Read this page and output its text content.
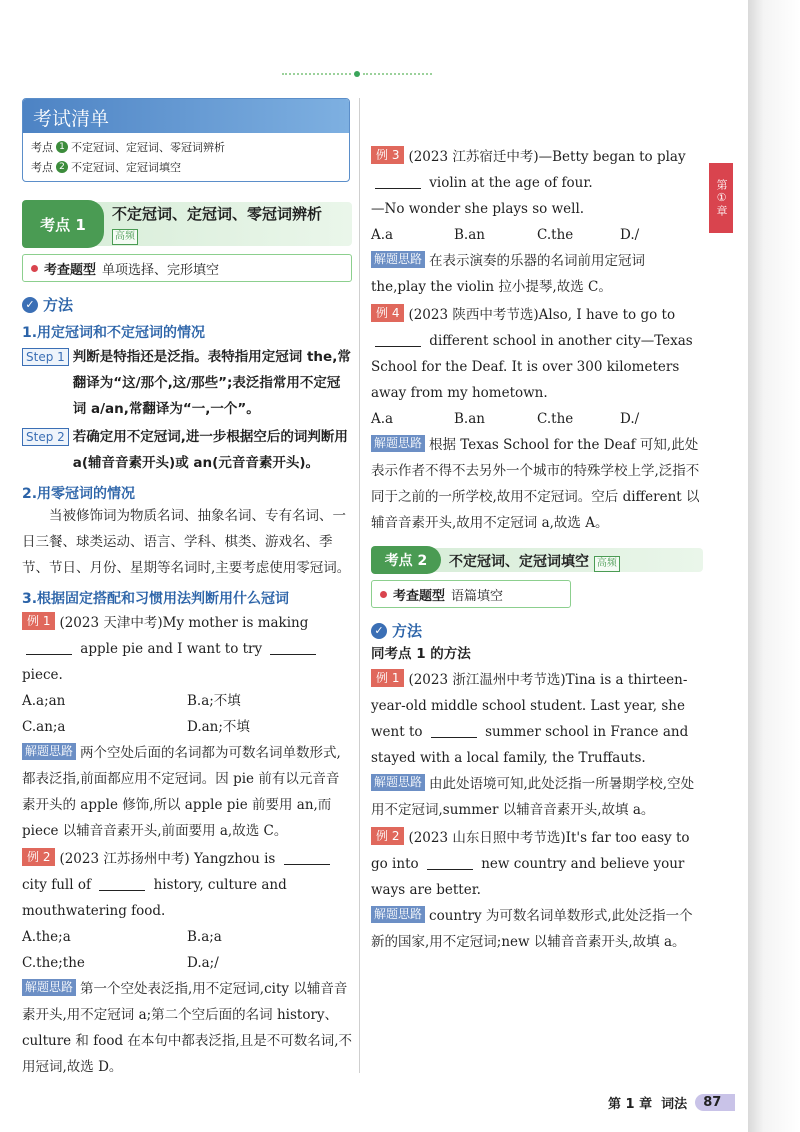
第①章
考试清单
考点 1 不定冠词、定冠词、零冠词辨析
考点 2 不定冠词、定冠词填空
考点 1
不定冠词、定冠词、零冠词辨析 高频
考查题型 单项选择、完形填空
✓ 方法
1.用定冠词和不定冠词的情况
Step 1 判断是特指还是泛指。表特指用定冠词 the,常翻译为“这/那个,这/那些”;表泛指常用不定冠词 a/an,常翻译为“一,一个”。
Step 2 若确定用不定冠词,进一步根据空后的词判断用 a(辅音音素开头)或 an(元音音素开头)。
2.用零冠词的情况
当被修饰词为物质名词、抽象名词、专有名词、一日三餐、球类运动、语言、学科、棋类、游戏名、季节、节日、月份、星期等名词时,主要考虑使用零冠词。
3.根据固定搭配和习惯用法判断用什么冠词
例 1 (2023 天津中考)My mother is making  apple pie and I want to try  piece.
A.a;an	B.a;不填
C.an;a	D.an;不填
解题思路 两个空处后面的名词都为可数名词单数形式,都表泛指,前面都应用不定冠词。因 pie 前有以元音音素开头的 apple 修饰,所以 apple pie 前要用 an,而 piece 以辅音音素开头,前面要用 a,故选 C。
例 2 (2023 江苏扬州中考) Yangzhou is  city full of	history, culture and mouthwatering food.
A.the;a	B.a;a
C.the;the	D.a;/
解题思路 第一个空处表泛指,用不定冠词,city 以辅音音素开头,用不定冠词 a;第二个空后面的名词 history、culture 和 food 在本句中都表泛指,且是不可数名词,不用冠词,故选 D。
例 3 (2023 江苏宿迁中考)—Betty began to play  violin at the age of four.
—No wonder she plays so well.
A.a	B.an	C.the	D./
解题思路 在表示演奏的乐器的名词前用定冠词 the,play the violin 拉小提琴,故选 C。
例 4 (2023 陕西中考节选)Also, I have to go to  different school in another city—Texas School for the Deaf. It is over 300 kilometers away from my hometown.
A.a	B.an	C.the	D./
解题思路 根据 Texas School for the Deaf 可知,此处表示作者不得不去另外一个城市的特殊学校上学,泛指不同于之前的一所学校,故用不定冠词。空后 different 以辅音音素开头,故用不定冠词 a,故选 A。
考点 2	不定冠词、定冠词填空 高频
考查题型 语篇填空
✓ 方法
同考点 1 的方法
例 1 (2023 浙江温州中考节选)Tina is a thirteen-year-old middle school student. Last year, she went to	summer school in France and stayed with a local family, the Truffauts.
解题思路 由此处语境可知,此处泛指一所暑期学校,空处用不定冠词,summer 以辅音音素开头,故填 a。
例 2 (2023 山东日照中考节选)It's far too easy to go into	new country and believe your ways are better.
解题思路 country 为可数名词单数形式,此处泛指一个新的国家,用不定冠词;new 以辅音音素开头,故填 a。
第 1 章
词法	87
